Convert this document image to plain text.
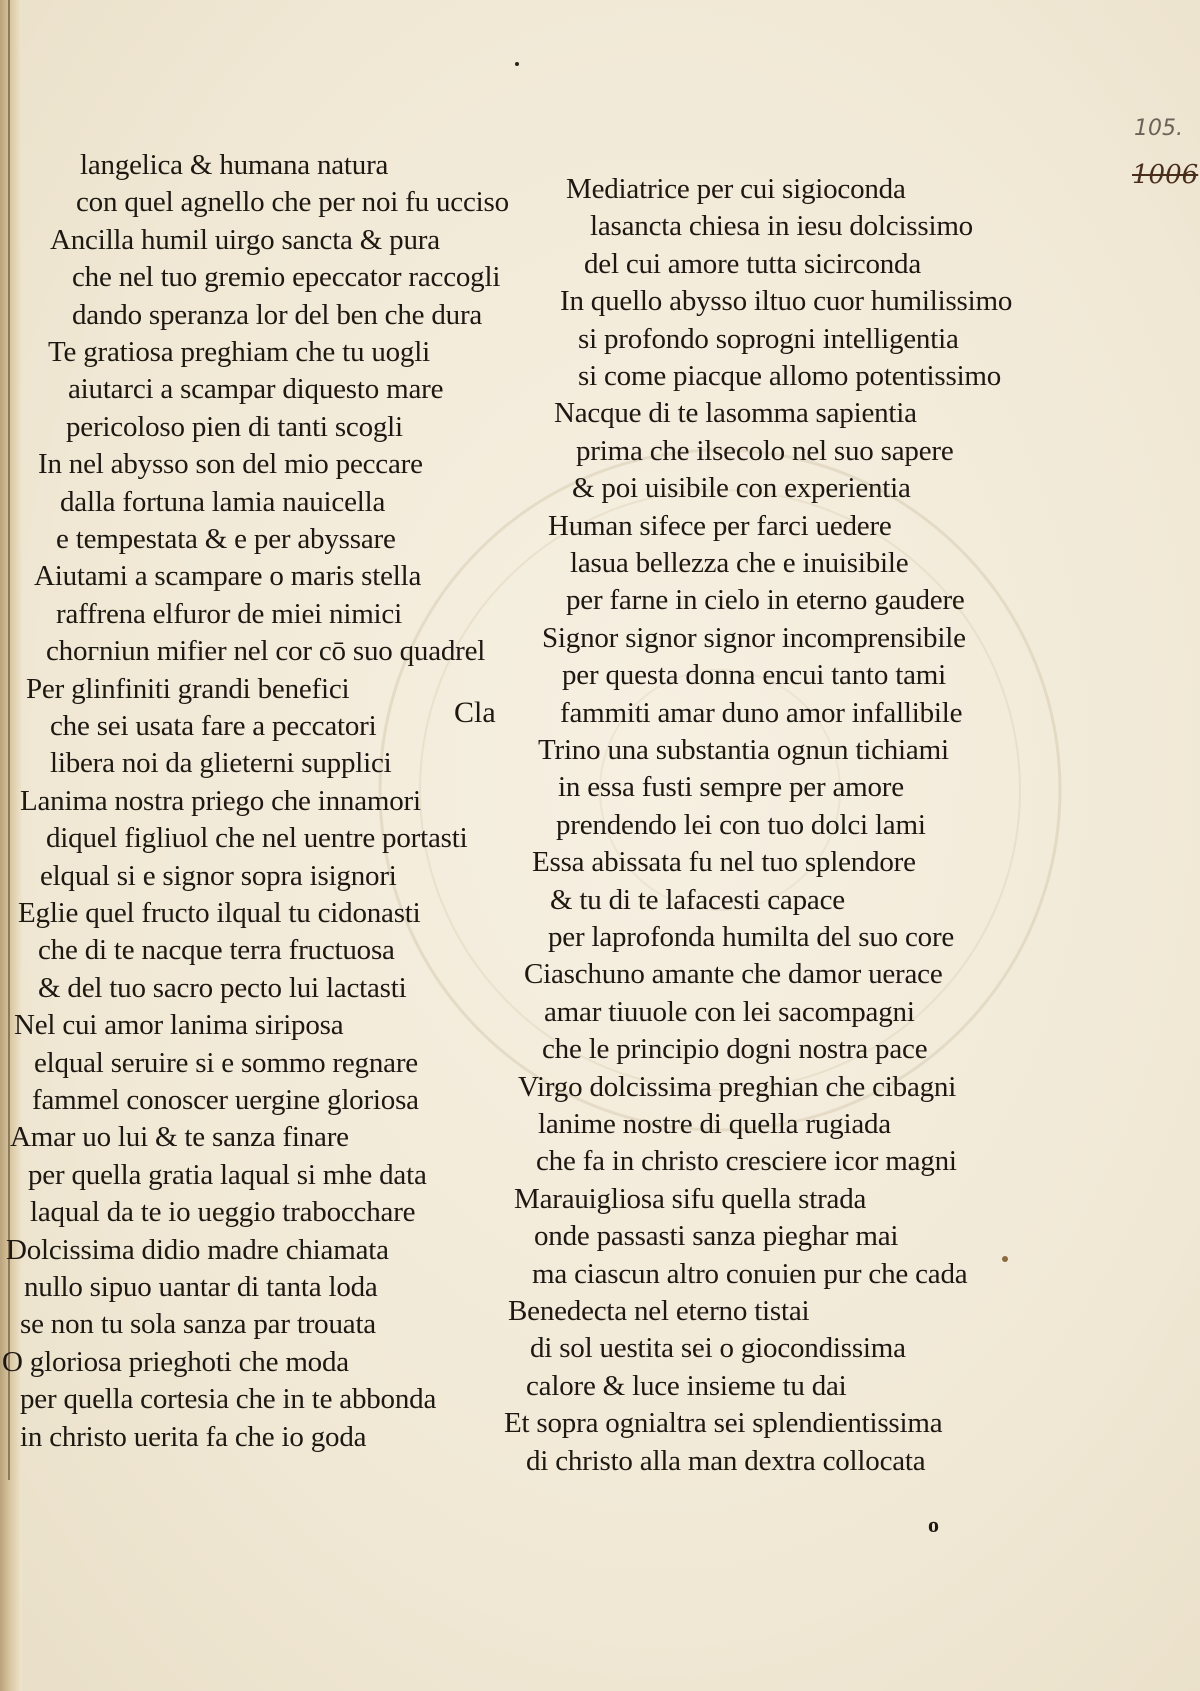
105.
1006
langelica & humana natura
con quel agnello che per noi fu ucciso
Ancilla humil uirgo sancta & pura
che nel tuo gremio epeccator raccogli
dando speranza lor del ben che dura
Te gratiosa preghiam che tu uogli
aiutarci a scampar diquesto mare
pericoloso pien di tanti scogli
In nel abysso son del mio peccare
dalla fortuna lamia nauicella
e tempestata & e per abyssare
Aiutami a scampare o maris stella
raffrena elfuror de miei nimici
choгniun mifier nel cor cō suo quadrel
Per glinfiniti grandi benefici
che sei usata fare a peccatori
libera noi da glieterni supplici
Lanima nostra priego che innamori
diquel figliuol che nel uentre portasti
elqual si e signor sopra isignori
Eglie quel fructo ilqual tu cidonasti
che di te nacque terra fructuosa
& del tuo sacro pecto lui lactasti
Nel cui amor lanima siriposa
elqual seruire si e sommo regnare
fammel conoscer uergine gloriosa
Amar uo lui & te sanza finare
per quella gratia laqual si mhe data
laqual da te io ueggio trabocchare
Dolcissima didio madre chiamata
nullo sipuo uantar di tanta loda
se non tu sola sanza par trouata
O gloriosa prieghoti che moda
per quella cortesia che in te abbonda
in christo uerita fa che io goda
Mediatrice per cui sigioconda
lasancta chiesa in iesu dolcissimo
del cui amore tutta sicirconda
In quello abysso iltuo cuor humilissimo
si profondo soprogni intelligentia
si come piacque allomo potentissimo
Nacque di te lasomma sapientia
prima che ilsecolo nel suo sapere
& poi uisibile con experientia
Human sifece per farci uedere
lasua bellezza che e inuisibile
per farne in cielo in eterno gaudere
Signor signor signor incomprensibile
per questa donna encui tanto tami
fammiti amar duno amor infallibile
Trino una substantia ognun tichiami
in essa fusti sempre per amore
prendendo lei con tuo dolci lami
Essa abissata fu nel tuo splendore
& tu di te lafacesti capace
per laprofonda humilta del suo core
Ciaschuno amante che damor uerace
amar tiuuole con lei sacompagni
che le principio dogni nostra pace
Virgo dolcissima preghian che cibagni
lanime nostre di quella rugiada
che fa in christo cresciere icor magni
Marauigliosa sifu quella strada
onde passasti sanza pieghar mai
ma ciascun altro conuien pur che cada
Benedecta nel eterno tistai
di sol uestita sei o giocondissima
calore & luce insieme tu dai
Et sopra ognialtra sei splendientissima
di christo alla man dextra collocata
Cla
o
